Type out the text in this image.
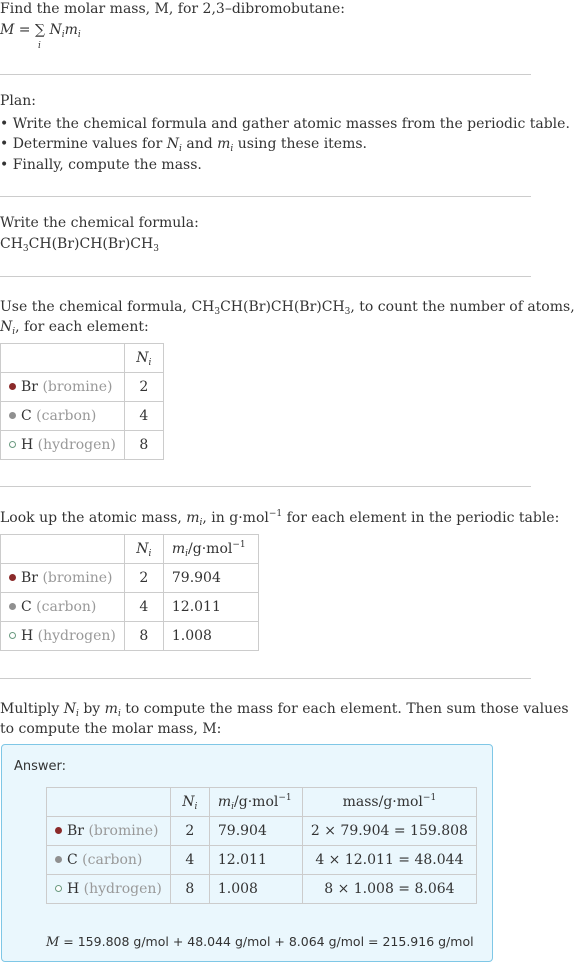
Find the molar mass, M, for 2,3–dibromobutane:
M = ∑ $N_im_i$
i
Plan:
• Write the chemical formula and gather atomic masses from the periodic table.
• Determine values for $N_i$ and $m_i$ using these items.
• Finally, compute the mass.
Write the chemical formula:
$CH_3CH(Br)CH(Br)CH_3$
Use the chemical formula, $CH_3CH(Br)CH(Br)CH_3$, to count the number of atoms,
$N_i$, for each element:
	$N_i$
Br (bromine)	2
C (carbon)	4
H (hydrogen)	8
Look up the atomic mass, $m_i$, in g·mol$^{-1}$ for each element in the periodic table:
	$N_i$	$m_i/g\cdot mol^{-1}$
Br (bromine)	2	79.904
C (carbon)	4	12.011
H (hydrogen)	8	1.008
Multiply $N_i$ by $m_i$ to compute the mass for each element. Then sum those values
to compute the molar mass, M:
Answer:
	$N_i$	$m_i/g\cdot mol^{-1}$	mass/g·mol$^{-1}$
Br (bromine)	2	79.904	2 × 79.904 = 159.808
C (carbon)	4	12.011	4 × 12.011 = 48.044
H (hydrogen)	8	1.008	8 × 1.008 = 8.064
M = 159.808 g/mol + 48.044 g/mol + 8.064 g/mol = 215.916 g/mol
